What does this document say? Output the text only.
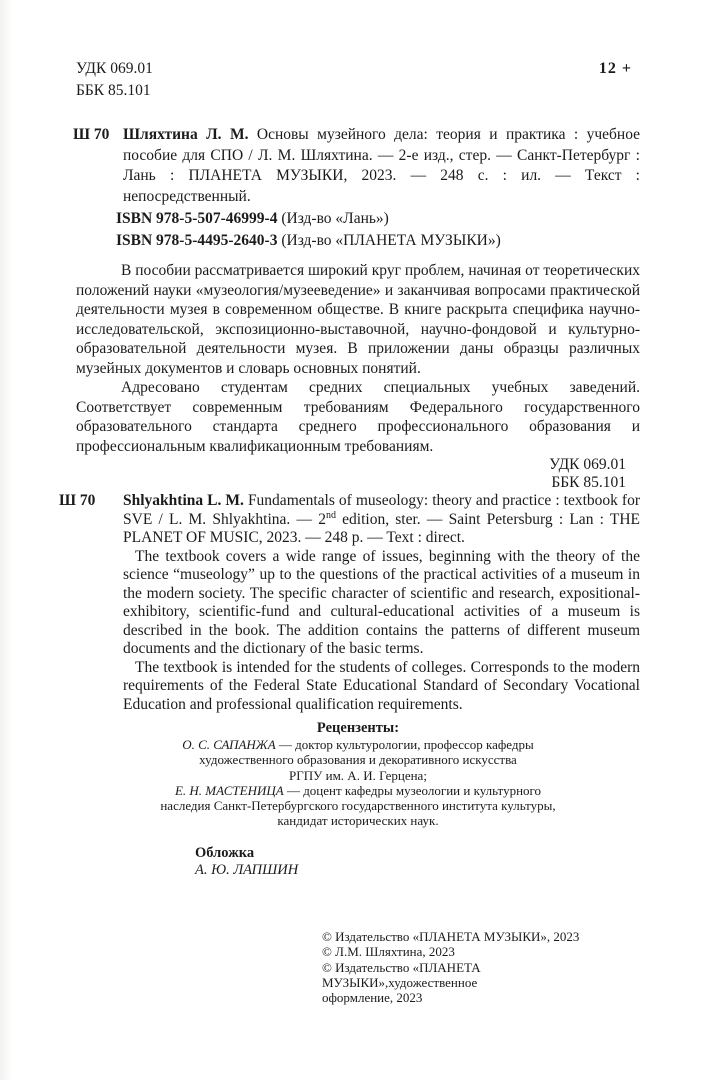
УДК 069.01
ББК 85.101
12 +
Ш 70 Шляхтина Л. М. Основы музейного дела: теория и практика : учебное пособие для СПО / Л. М. Шляхтина. — 2-е изд., стер. — Санкт-Петербург : Лань : ПЛАНЕТА МУЗЫКИ, 2023. — 248 с. : ил. — Текст : непосредственный.

ISBN 978-5-507-46999-4 (Изд-во «Лань»)
ISBN 978-5-4495-2640-3 (Изд-во «ПЛАНЕТА МУЗЫКИ»)

В пособии рассматривается широкий круг проблем, начиная от теоретических положений науки «музеология/музееведение» и заканчивая вопросами практической деятельности музея в современном обществе. В книге раскрыта специфика научно-исследовательской, экспозиционно-выставочной, научно-фондовой и культурно-образовательной деятельности музея. В приложении даны образцы различных музейных документов и словарь основных понятий.

Адресовано студентам средних специальных учебных заведений. Соответствует современным требованиям Федерального государственного образовательного стандарта среднего профессионального образования и профессиональным квалификационным требованиям.

УДК 069.01
ББК 85.101
Ш 70 Shlyakhtina L. M. Fundamentals of museology: theory and practice : textbook for SVE / L. M. Shlyakhtina. — 2nd edition, ster. — Saint Petersburg : Lan : THE PLANET OF MUSIC, 2023. — 248 p. — Text : direct.

The textbook covers a wide range of issues, beginning with the theory of the science “museology” up to the questions of the practical activities of a museum in the modern society. The specific character of scientific and research, expositional-exhibitory, scientific-fund and cultural-educational activities of a museum is described in the book. The addition contains the patterns of different museum documents and the dictionary of the basic terms.

The textbook is intended for the students of colleges. Corresponds to the modern requirements of the Federal State Educational Standard of Secondary Vocational Education and professional qualification requirements.

Рецензенты:
О. С. САПАНЖА — доктор культурологии, профессор кафедры
художественного образования и декоративного искусства
РГПУ им. А. И. Герцена;
Е. Н. МАСТЕНИЦА — доцент кафедры музеологии и культурного
наследия Санкт-Петербургского государственного института культуры,
кандидат исторических наук.
Обложка
А. Ю. ЛАПШИН
© Издательство «ПЛАНЕТА МУЗЫКИ», 2023
© Л.М. Шляхтина, 2023
© Издательство «ПЛАНЕТА
МУЗЫКИ»,художественное
оформление, 2023
